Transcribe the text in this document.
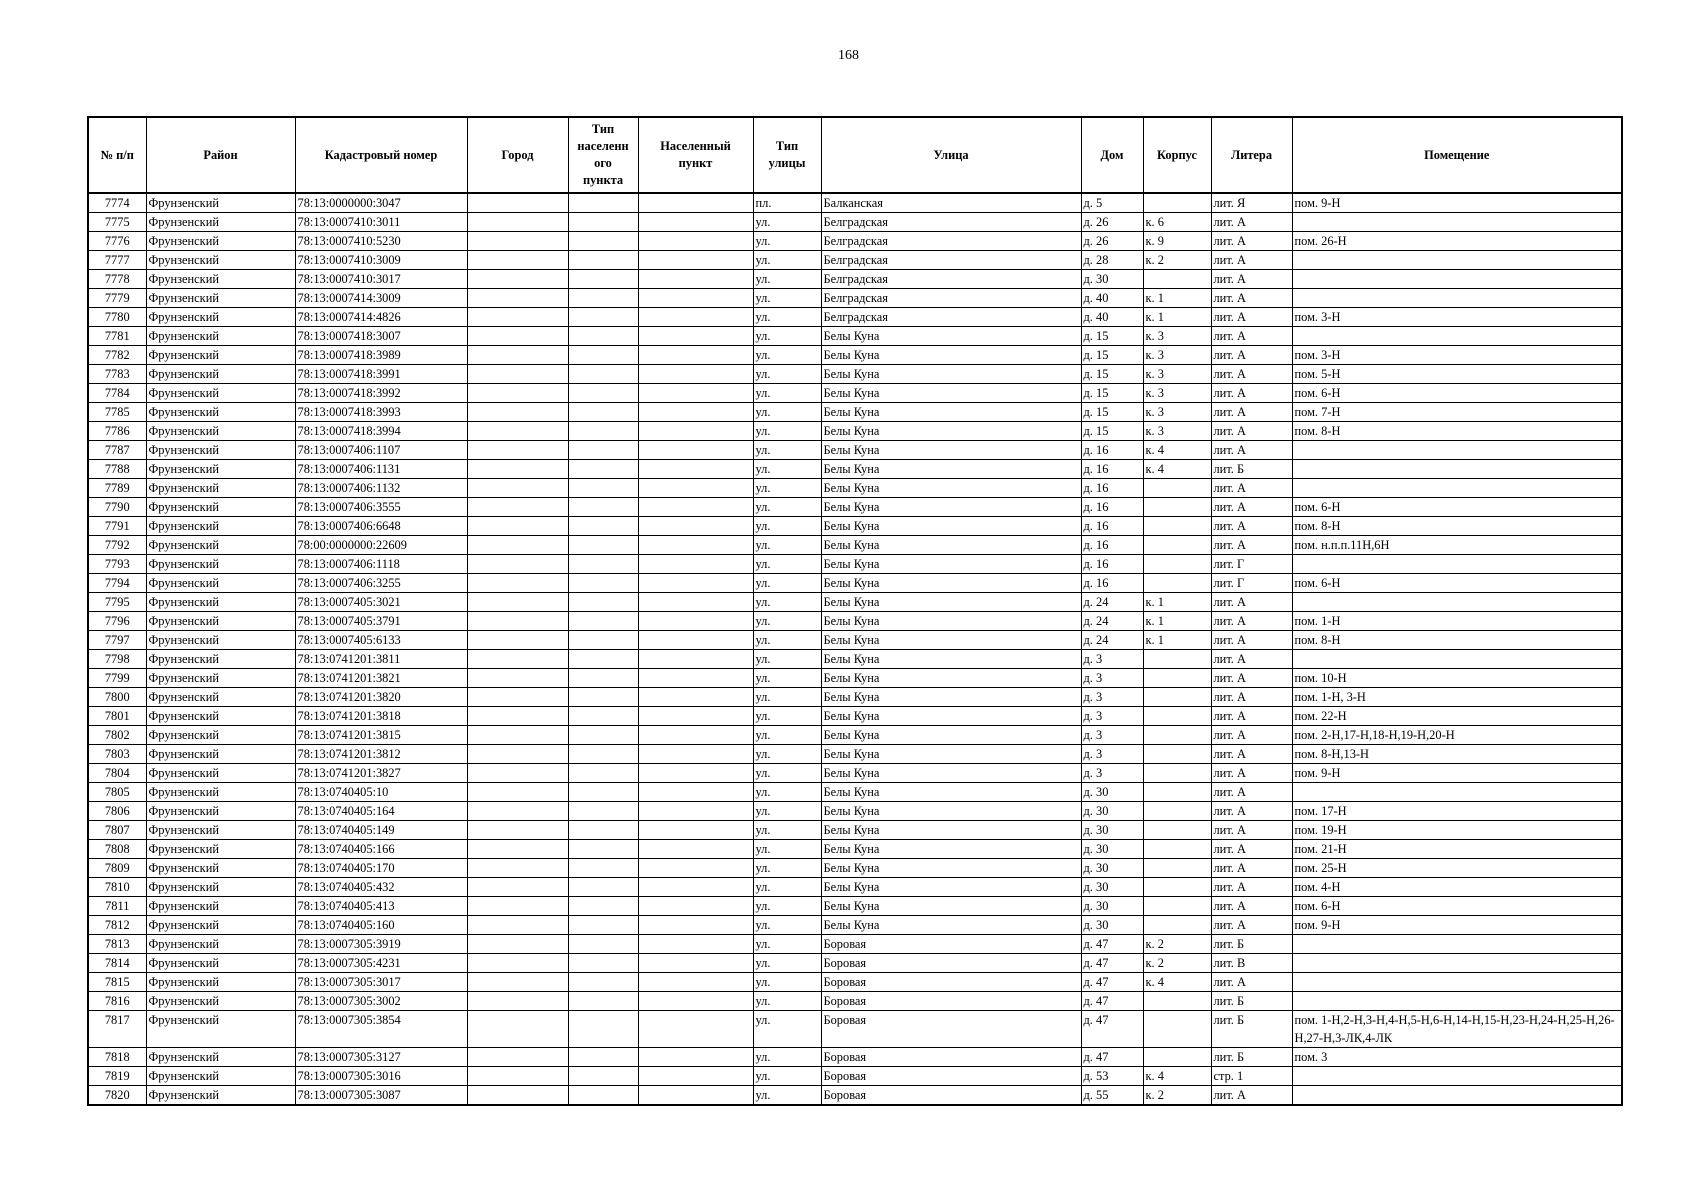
168
№ п/п	Район	Кадастровый номер	Город	Тип
населенн
ого
пункта	Населенный
пункт	Тип
улицы	Улица	Дом	Корпус	Литера	Помещение
7774	Фрунзенский	78:13:0000000:3047				пл.	Балканская	д. 5		лит. Я	пом. 9-Н
7775	Фрунзенский	78:13:0007410:3011				ул.	Белградская	д. 26	к. 6	лит. А	
7776	Фрунзенский	78:13:0007410:5230				ул.	Белградская	д. 26	к. 9	лит. А	пом. 26-Н
7777	Фрунзенский	78:13:0007410:3009				ул.	Белградская	д. 28	к. 2	лит. А	
7778	Фрунзенский	78:13:0007410:3017				ул.	Белградская	д. 30		лит. А	
7779	Фрунзенский	78:13:0007414:3009				ул.	Белградская	д. 40	к. 1	лит. А	
7780	Фрунзенский	78:13:0007414:4826				ул.	Белградская	д. 40	к. 1	лит. А	пом. 3-Н
7781	Фрунзенский	78:13:0007418:3007				ул.	Белы Куна	д. 15	к. 3	лит. А	
7782	Фрунзенский	78:13:0007418:3989				ул.	Белы Куна	д. 15	к. 3	лит. А	пом. 3-Н
7783	Фрунзенский	78:13:0007418:3991				ул.	Белы Куна	д. 15	к. 3	лит. А	пом. 5-Н
7784	Фрунзенский	78:13:0007418:3992				ул.	Белы Куна	д. 15	к. 3	лит. А	пом. 6-Н
7785	Фрунзенский	78:13:0007418:3993				ул.	Белы Куна	д. 15	к. 3	лит. А	пом. 7-Н
7786	Фрунзенский	78:13:0007418:3994				ул.	Белы Куна	д. 15	к. 3	лит. А	пом. 8-Н
7787	Фрунзенский	78:13:0007406:1107				ул.	Белы Куна	д. 16	к. 4	лит. А	
7788	Фрунзенский	78:13:0007406:1131				ул.	Белы Куна	д. 16	к. 4	лит. Б	
7789	Фрунзенский	78:13:0007406:1132				ул.	Белы Куна	д. 16		лит. А	
7790	Фрунзенский	78:13:0007406:3555				ул.	Белы Куна	д. 16		лит. А	пом. 6-Н
7791	Фрунзенский	78:13:0007406:6648				ул.	Белы Куна	д. 16		лит. А	пом. 8-Н
7792	Фрунзенский	78:00:0000000:22609				ул.	Белы Куна	д. 16		лит. А	пом. н.п.п.11Н,6Н
7793	Фрунзенский	78:13:0007406:1118				ул.	Белы Куна	д. 16		лит. Г	
7794	Фрунзенский	78:13:0007406:3255				ул.	Белы Куна	д. 16		лит. Г	пом. 6-Н
7795	Фрунзенский	78:13:0007405:3021				ул.	Белы Куна	д. 24	к. 1	лит. А	
7796	Фрунзенский	78:13:0007405:3791				ул.	Белы Куна	д. 24	к. 1	лит. А	пом. 1-Н
7797	Фрунзенский	78:13:0007405:6133				ул.	Белы Куна	д. 24	к. 1	лит. А	пом. 8-Н
7798	Фрунзенский	78:13:0741201:3811				ул.	Белы Куна	д. 3		лит. А	
7799	Фрунзенский	78:13:0741201:3821				ул.	Белы Куна	д. 3		лит. А	пом. 10-Н
7800	Фрунзенский	78:13:0741201:3820				ул.	Белы Куна	д. 3		лит. А	пом. 1-Н, 3-Н
7801	Фрунзенский	78:13:0741201:3818				ул.	Белы Куна	д. 3		лит. А	пом. 22-Н
7802	Фрунзенский	78:13:0741201:3815				ул.	Белы Куна	д. 3		лит. А	пом. 2-Н,17-Н,18-Н,19-Н,20-Н
7803	Фрунзенский	78:13:0741201:3812				ул.	Белы Куна	д. 3		лит. А	пом. 8-Н,13-Н
7804	Фрунзенский	78:13:0741201:3827				ул.	Белы Куна	д. 3		лит. А	пом. 9-Н
7805	Фрунзенский	78:13:0740405:10				ул.	Белы Куна	д. 30		лит. А	
7806	Фрунзенский	78:13:0740405:164				ул.	Белы Куна	д. 30		лит. А	пом. 17-Н
7807	Фрунзенский	78:13:0740405:149				ул.	Белы Куна	д. 30		лит. А	пом. 19-Н
7808	Фрунзенский	78:13:0740405:166				ул.	Белы Куна	д. 30		лит. А	пом. 21-Н
7809	Фрунзенский	78:13:0740405:170				ул.	Белы Куна	д. 30		лит. А	пом. 25-Н
7810	Фрунзенский	78:13:0740405:432				ул.	Белы Куна	д. 30		лит. А	пом. 4-Н
7811	Фрунзенский	78:13:0740405:413				ул.	Белы Куна	д. 30		лит. А	пом. 6-Н
7812	Фрунзенский	78:13:0740405:160				ул.	Белы Куна	д. 30		лит. А	пом. 9-Н
7813	Фрунзенский	78:13:0007305:3919				ул.	Боровая	д. 47	к. 2	лит. Б	
7814	Фрунзенский	78:13:0007305:4231				ул.	Боровая	д. 47	к. 2	лит. В	
7815	Фрунзенский	78:13:0007305:3017				ул.	Боровая	д. 47	к. 4	лит. А	
7816	Фрунзенский	78:13:0007305:3002				ул.	Боровая	д. 47		лит. Б	
7817	Фрунзенский	78:13:0007305:3854				ул.	Боровая	д. 47		лит. Б	пом. 1-Н,2-Н,3-Н,4-Н,5-Н,6-Н,14-Н,15-Н,23-Н,24-Н,25-Н,26-Н,27-Н,3-ЛК,4-ЛК
7818	Фрунзенский	78:13:0007305:3127				ул.	Боровая	д. 47		лит. Б	пом. 3
7819	Фрунзенский	78:13:0007305:3016				ул.	Боровая	д. 53	к. 4	стр. 1	
7820	Фрунзенский	78:13:0007305:3087				ул.	Боровая	д. 55	к. 2	лит. А	
